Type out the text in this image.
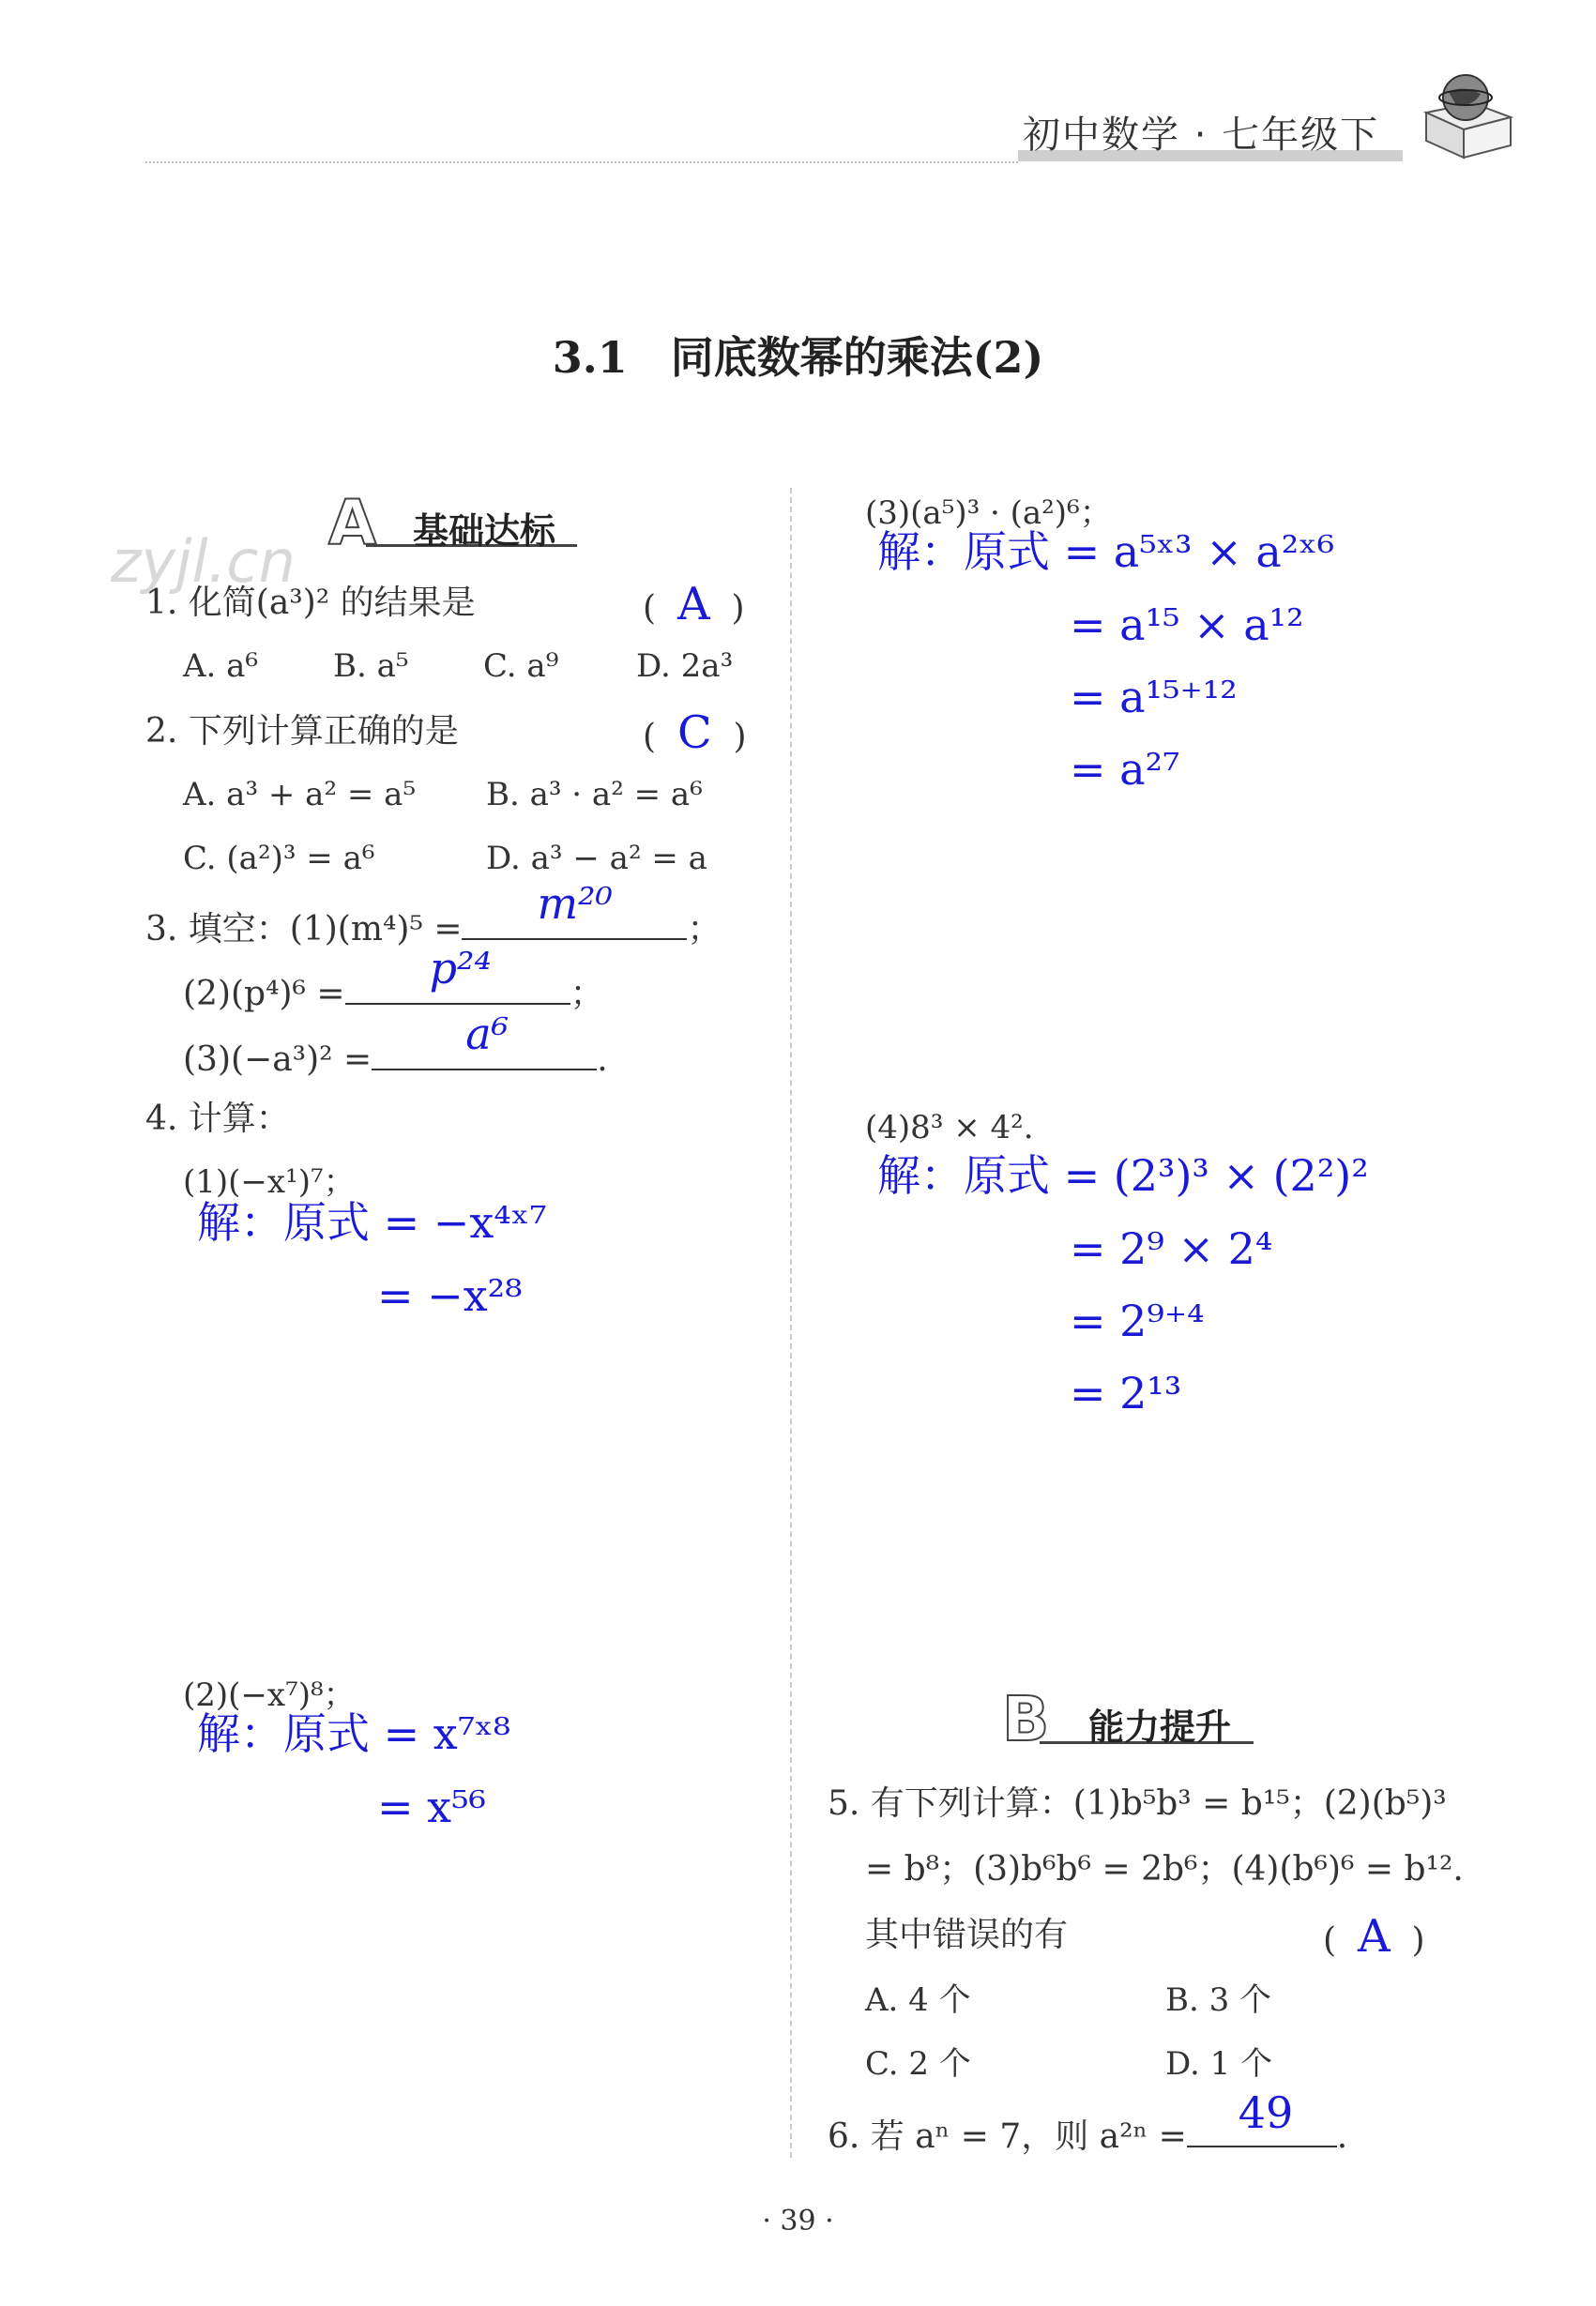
初中数学 · 七年级下
3.1　同底数幂的乘法(2)
zyjl.cn
A 基础达标
1. 化简(a³)² 的结果是	(  A  )
A. a⁶ B. a⁵ C. a⁹ D. 2a³
2. 下列计算正确的是	(  C  )
A. a³ + a² = a⁵ B. a³ · a² = a⁶
C. (a²)³ = a⁶	D. a³ − a² = a
3. 填空：(1)(m⁴)⁵ =
m²⁰
；
(2)(p⁴)⁶ =
p²⁴
；
(3)(−a³)² =
a⁶
.
4. 计算：
(1)(−x¹)⁷；
解：原式 = −x⁴ˣ⁷
= −x²⁸
(2)(−x⁷)⁸；
解：原式 = x⁷ˣ⁸
= x⁵⁶
(3)(a⁵)³ · (a²)⁶；
解：原式 = a⁵ˣ³ × a²ˣ⁶
= a¹⁵ × a¹²
= a¹⁵⁺¹²
= a²⁷
(4)8³ × 4².
解：原式 = (2³)³ × (2²)²
= 2⁹ × 2⁴
= 2⁹⁺⁴
= 2¹³
B 能力提升
5. 有下列计算：(1)b⁵b³ = b¹⁵；(2)(b⁵)³
= b⁸；(3)b⁶b⁶ = 2b⁶；(4)(b⁶)⁶ = b¹².
其中错误的有	(  A  )
A. 4 个	B. 3 个
C. 2 个	D. 1 个
6. 若 aⁿ = 7，则 a²ⁿ = 49 .
· 39 ·
